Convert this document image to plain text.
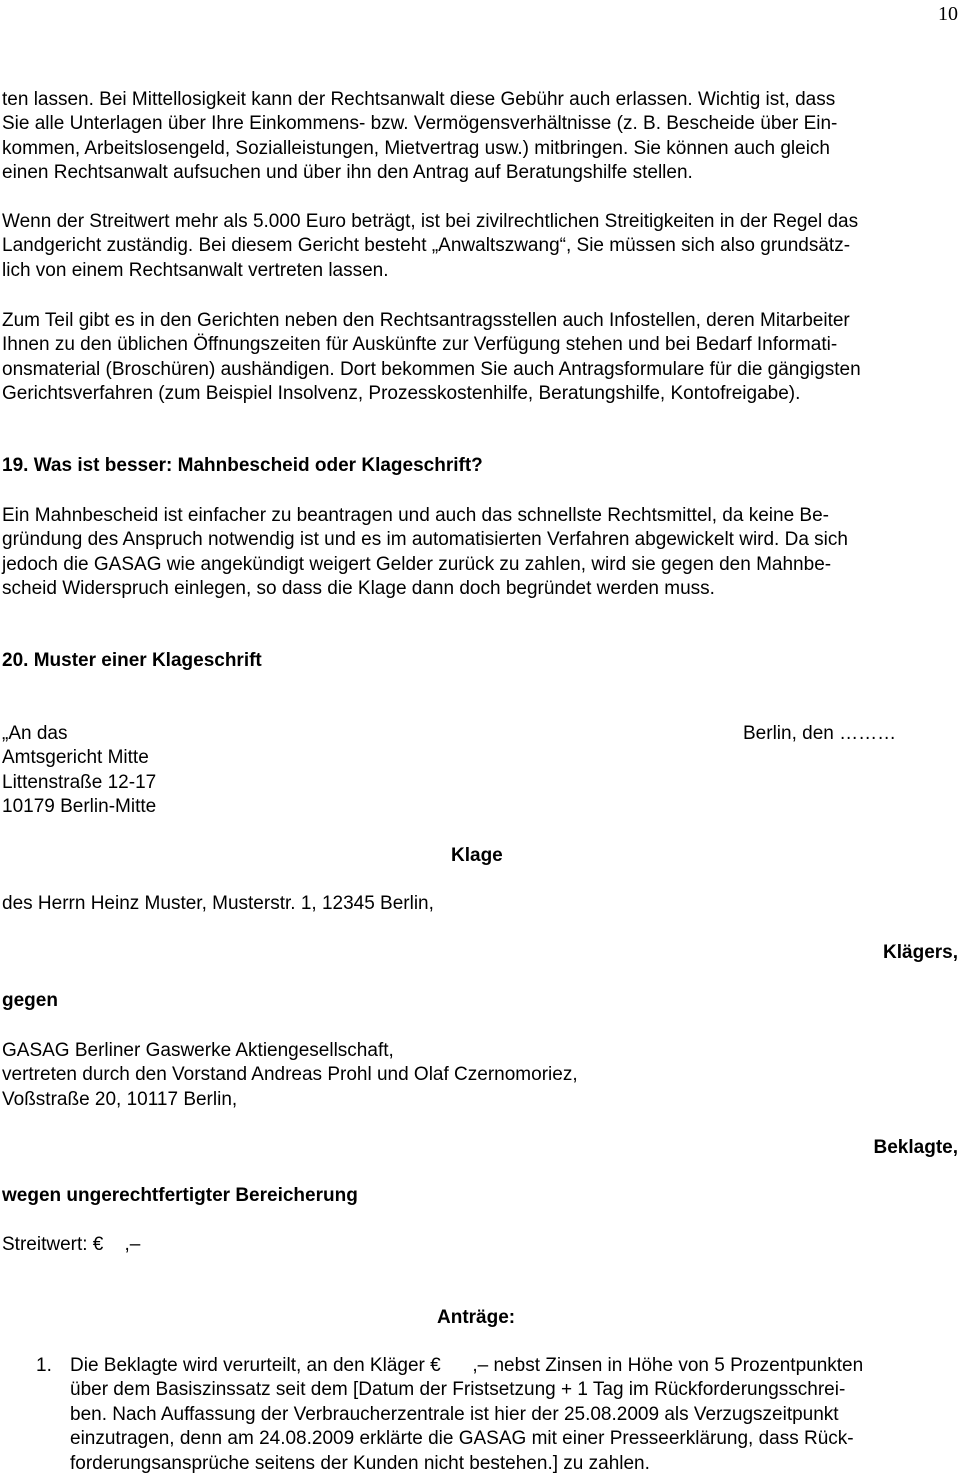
10
ten lassen. Bei Mittellosigkeit kann der Rechtsanwalt diese Gebühr auch erlassen. Wichtig ist, dass
Sie alle Unterlagen über Ihre Einkommens- bzw. Vermögensverhältnisse (z. B. Bescheide über Ein-
kommen, Arbeitslosengeld, Sozialleistungen, Mietvertrag usw.) mitbringen. Sie können auch gleich
einen Rechtsanwalt aufsuchen und über ihn den Antrag auf Beratungshilfe stellen.
Wenn der Streitwert mehr als 5.000 Euro beträgt, ist bei zivilrechtlichen Streitigkeiten in der Regel das
Landgericht zuständig. Bei diesem Gericht besteht „Anwaltszwang“, Sie müssen sich also grundsätz-
lich von einem Rechtsanwalt vertreten lassen.
Zum Teil gibt es in den Gerichten neben den Rechtsantragsstellen auch Infostellen, deren Mitarbeiter
Ihnen zu den üblichen Öffnungszeiten für Auskünfte zur Verfügung stehen und bei Bedarf Informati-
onsmaterial (Broschüren) aushändigen. Dort bekommen Sie auch Antragsformulare für die gängigsten
Gerichtsverfahren (zum Beispiel Insolvenz, Prozesskostenhilfe, Beratungshilfe, Kontofreigabe).
19. Was ist besser: Mahnbescheid oder Klageschrift?
Ein Mahnbescheid ist einfacher zu beantragen und auch das schnellste Rechtsmittel, da keine Be-
gründung des Anspruch notwendig ist und es im automatisierten Verfahren abgewickelt wird. Da sich
jedoch die GASAG wie angekündigt weigert Gelder zurück zu zahlen, wird sie gegen den Mahnbe-
scheid Widerspruch einlegen, so dass die Klage dann doch begründet werden muss.
20. Muster einer Klageschrift
„An das
Amtsgericht Mitte
Littenstraße 12-17
10179 Berlin-Mitte
Berlin, den ………
Klage
des Herrn Heinz Muster, Musterstr. 1, 12345 Berlin,
Klägers,
gegen
GASAG Berliner Gaswerke Aktiengesellschaft,
vertreten durch den Vorstand Andreas Prohl und Olaf Czernomoriez,
Voßstraße 20, 10117 Berlin,
Beklagte,
wegen ungerechtfertigter Bereicherung
Streitwert: €    ,–
Anträge:
1. Die Beklagte wird verurteilt, an den Kläger €      ,– nebst Zinsen in Höhe von 5 Prozentpunkten
über dem Basiszinssatz seit dem [Datum der Fristsetzung + 1 Tag im Rückforderungsschrei-
ben. Nach Auffassung der Verbraucherzentrale ist hier der 25.08.2009 als Verzugszeitpunkt
einzutragen, denn am 24.08.2009 erklärte die GASAG mit einer Presseerklärung, dass Rück-
forderungsansprüche seitens der Kunden nicht bestehen.] zu zahlen.
